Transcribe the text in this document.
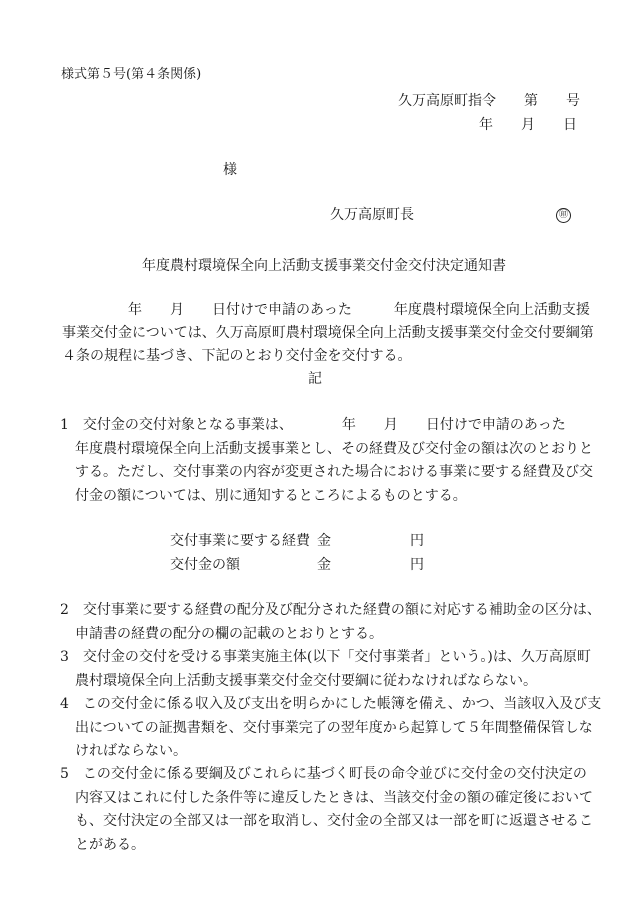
様式第５号(第４条関係)
久万高原町指令　　第　　号
年　　月　　日
様
久万高原町長	㊞
年度農村環境保全向上活動支援事業交付金交付決定通知書
年　　月　　日付けで申請のあった　　　年度農村環境保全向上活動支援
事業交付金については、久万高原町農村環境保全向上活動支援事業交付金交付要綱第
４条の規程に基づき、下記のとおり交付金を交付する。
記
1　 交付金の交付対象となる事業は、　　　　年　　月　　日付けで申請のあった
年度農村環境保全向上活動支援事業とし、その経費及び交付金の額は次のとおりと
する。ただし、交付事業の内容が変更された場合における事業に要する経費及び交
付金の額については、別に通知するところによるものとする。
交付事業に要する経費 金	円
交付金の額	金	円
2　 交付事業に要する経費の配分及び配分された経費の額に対応する補助金の区分は、
申請書の経費の配分の欄の記載のとおりとする。
3　 交付金の交付を受ける事業実施主体(以下「交付事業者」という。)は、久万高原町
農村環境保全向上活動支援事業交付金交付要綱に従わなければならない。
4　 この交付金に係る収入及び支出を明らかにした帳簿を備え、かつ、当該収入及び支
出についての証拠書類を、交付事業完了の翌年度から起算して５年間整備保管しな
ければならない。
5　 この交付金に係る要綱及びこれらに基づく町長の命令並びに交付金の交付決定の
内容又はこれに付した条件等に違反したときは、当該交付金の額の確定後において
も、交付決定の全部又は一部を取消し、交付金の全部又は一部を町に返還させるこ
とがある。
